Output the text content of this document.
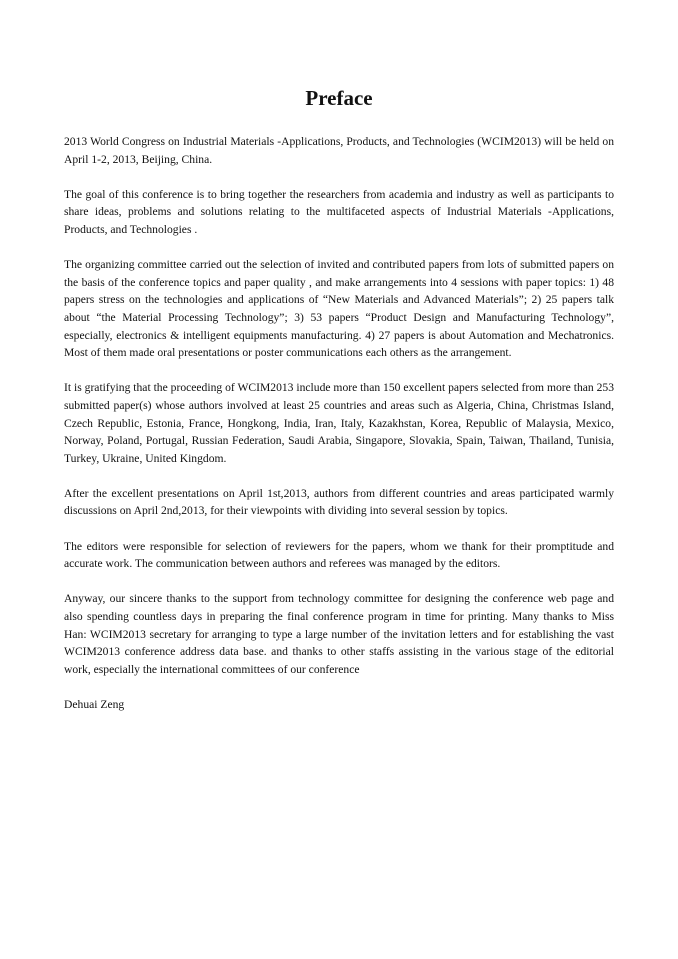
Preface

2013 World Congress on Industrial Materials -Applications, Products, and Technologies (WCIM2013) will be held on April 1-2, 2013, Beijing, China.

The goal of this conference is to bring together the researchers from academia and industry as well as participants to share ideas, problems and solutions relating to the multifaceted aspects of Industrial Materials -Applications, Products, and Technologies .

The organizing committee carried out the selection of invited and contributed papers from lots of submitted papers on the basis of the conference topics and paper quality , and make arrangements into 4 sessions with paper topics: 1) 48 papers stress on the technologies and applications of “New Materials and Advanced Materials”; 2) 25 papers talk about “the Material Processing Technology”; 3) 53 papers “Product Design and Manufacturing Technology”, especially, electronics & intelligent equipments manufacturing. 4) 27 papers is about Automation and Mechatronics. Most of them made oral presentations or poster communications each others as the arrangement.

It is gratifying that the proceeding of WCIM2013 include more than 150 excellent papers selected from more than 253 submitted paper(s) whose authors involved at least 25 countries and areas such as Algeria, China, Christmas Island, Czech Republic, Estonia, France, Hongkong, India, Iran, Italy, Kazakhstan, Korea, Republic of Malaysia, Mexico, Norway, Poland, Portugal, Russian Federation, Saudi Arabia, Singapore, Slovakia, Spain, Taiwan, Thailand, Tunisia, Turkey, Ukraine, United Kingdom.

After the excellent presentations on April 1st,2013, authors from different countries and areas participated warmly discussions on April 2nd,2013, for their viewpoints with dividing into several session by topics.

The editors were responsible for selection of reviewers for the papers, whom we thank for their promptitude and accurate work. The communication between authors and referees was managed by the editors.

Anyway, our sincere thanks to the support from technology committee for designing the conference web page and also spending countless days in preparing the final conference program in time for printing. Many thanks to Miss Han: WCIM2013 secretary for arranging to type a large number of the invitation letters and for establishing the vast WCIM2013 conference address data base. and thanks to other staffs assisting in the various stage of the editorial work, especially the international committees of our conference

Dehuai Zeng
